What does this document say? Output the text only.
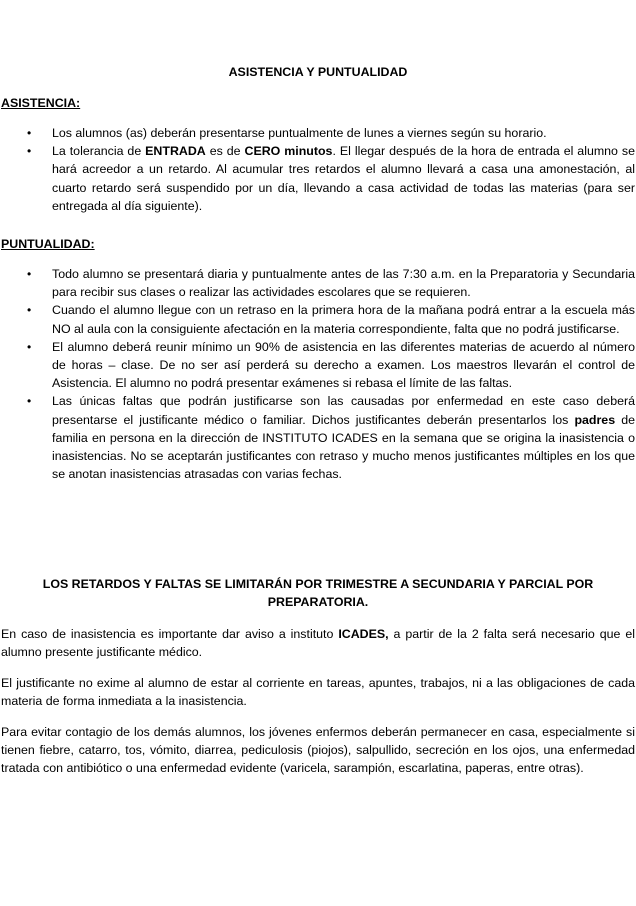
ASISTENCIA Y PUNTUALIDAD
ASISTENCIA:
• Los alumnos (as) deberán presentarse puntualmente de lunes a viernes según su horario.
• La tolerancia de ENTRADA es de CERO minutos. El llegar después de la hora de entrada el alumno se hará acreedor a un retardo. Al acumular tres retardos el alumno llevará a casa una amonestación, al cuarto retardo será suspendido por un día, llevando a casa actividad de todas las materias (para ser entregada al día siguiente).
PUNTUALIDAD:
• Todo alumno se presentará diaria y puntualmente antes de las 7:30 a.m. en la Preparatoria y Secundaria para recibir sus clases o realizar las actividades escolares que se requieren.
• Cuando el alumno llegue con un retraso en la primera hora de la mañana podrá entrar a la escuela más NO al aula con la consiguiente afectación en la materia correspondiente, falta que no podrá justificarse.
• El alumno deberá reunir mínimo un 90% de asistencia en las diferentes materias de acuerdo al número de horas – clase. De no ser así perderá su derecho a examen. Los maestros llevarán el control de Asistencia. El alumno no podrá presentar exámenes si rebasa el límite de las faltas.
• Las únicas faltas que podrán justificarse son las causadas por enfermedad en este caso deberá presentarse el justificante médico o familiar. Dichos justificantes deberán presentarlos los padres de familia en persona en la dirección de INSTITUTO ICADES en la semana que se origina la inasistencia o inasistencias. No se aceptarán justificantes con retraso y mucho menos justificantes múltiples en los que se anotan inasistencias atrasadas con varias fechas.
LOS RETARDOS Y FALTAS SE LIMITARÁN POR TRIMESTRE A SECUNDARIA Y PARCIAL POR PREPARATORIA.
En caso de inasistencia es importante dar aviso a instituto ICADES, a partir de la 2 falta será necesario que el alumno presente justificante médico.
El justificante no exime al alumno de estar al corriente en tareas, apuntes, trabajos, ni a las obligaciones de cada materia de forma inmediata a la inasistencia.
Para evitar contagio de los demás alumnos, los jóvenes enfermos deberán permanecer en casa, especialmente si tienen fiebre, catarro, tos, vómito, diarrea, pediculosis (piojos), salpullido, secreción en los ojos, una enfermedad tratada con antibiótico o una enfermedad evidente (varicela, sarampión, escarlatina, paperas, entre otras).
